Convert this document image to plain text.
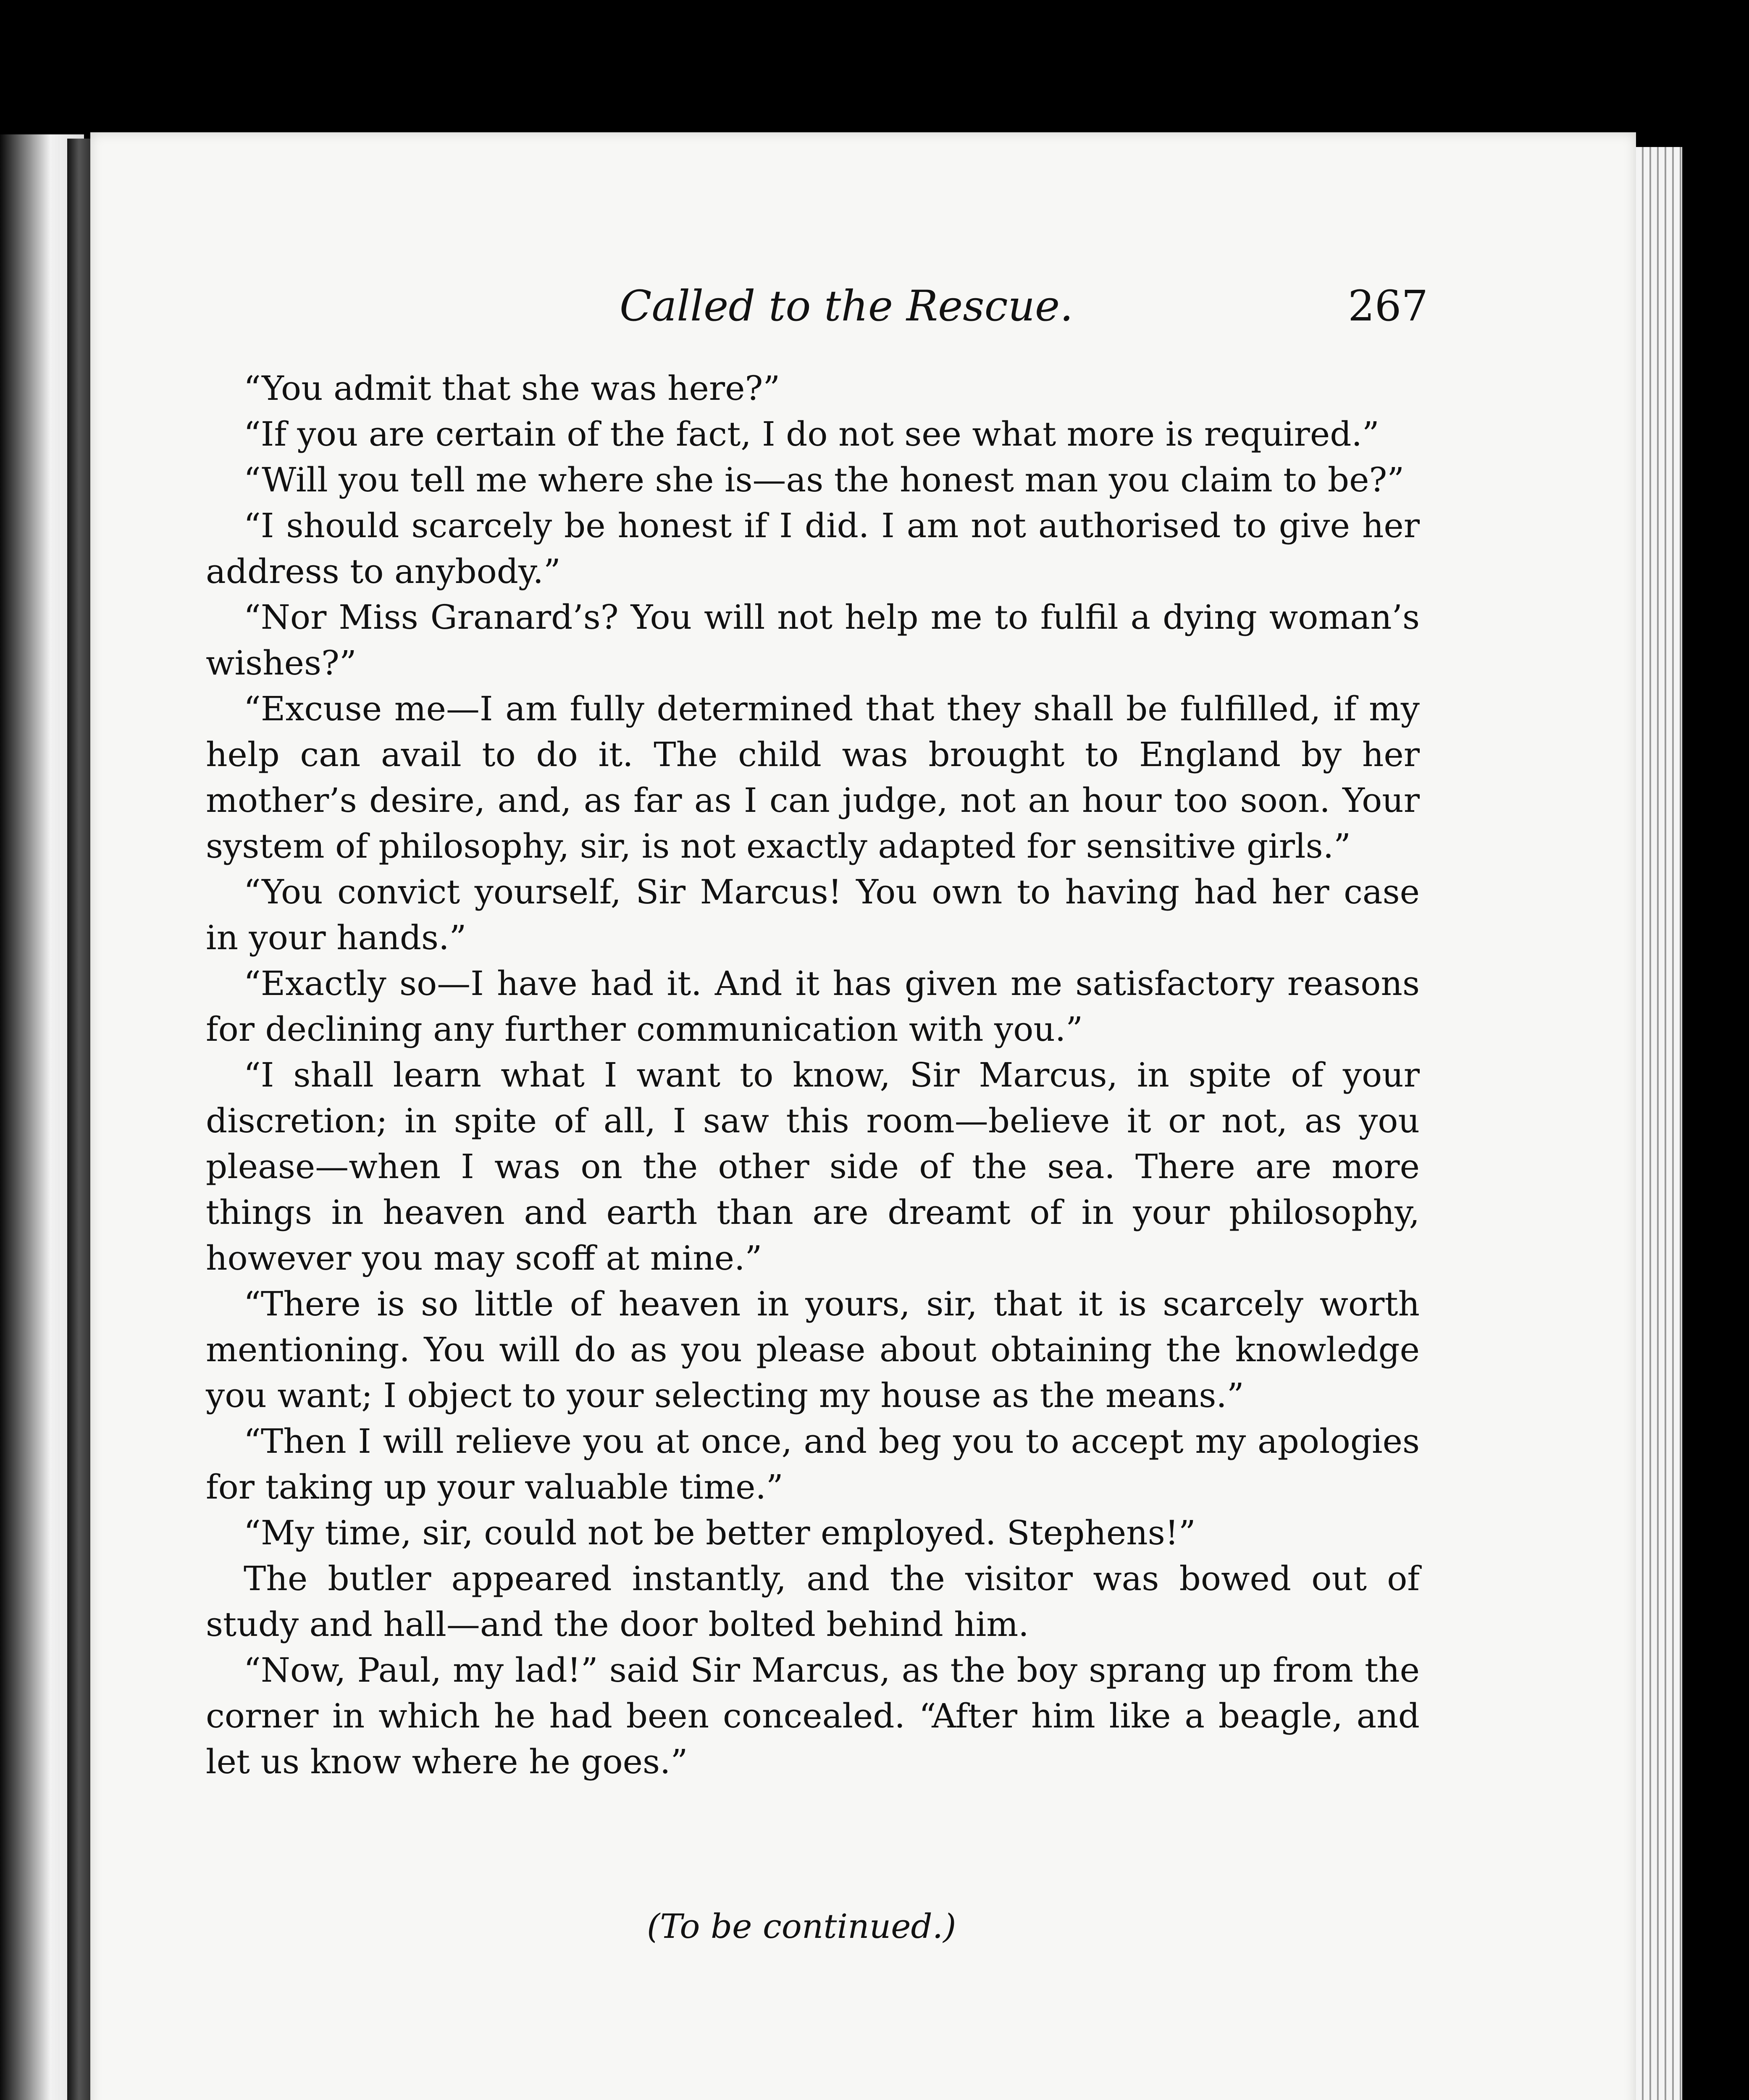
Called to the Rescue.	267

“You admit that she was here?”

“If you are certain of the fact, I do not see what more is required.”

“Will you tell me where she is—as the honest man you claim to be?”

“I should scarcely be honest if I did. I am not authorised to give her address to anybody.”

“Nor Miss Granard’s? You will not help me to fulfil a dying woman’s wishes?”

“Excuse me—I am fully determined that they shall be fulfilled, if my help can avail to do it. The child was brought to England by her mother’s desire, and, as far as I can judge, not an hour too soon. Your system of philosophy, sir, is not exactly adapted for sensitive girls.”

“You convict yourself, Sir Marcus! You own to having had her case in your hands.”

“Exactly so—I have had it. And it has given me satisfactory reasons for declining any further communication with you.”

“I shall learn what I want to know, Sir Marcus, in spite of your discretion; in spite of all, I saw this room—believe it or not, as you please—when I was on the other side of the sea. There are more things in heaven and earth than are dreamt of in your philosophy, however you may scoff at mine.”

“There is so little of heaven in yours, sir, that it is scarcely worth mentioning. You will do as you please about obtaining the knowledge you want; I object to your selecting my house as the means.”

“Then I will relieve you at once, and beg you to accept my apologies for taking up your valuable time.”

“My time, sir, could not be better employed. Stephens!”

The butler appeared instantly, and the visitor was bowed out of study and hall—and the door bolted behind him.

“Now, Paul, my lad!” said Sir Marcus, as the boy sprang up from the corner in which he had been concealed. “After him like a beagle, and let us know where he goes.”

(To be continued.)
